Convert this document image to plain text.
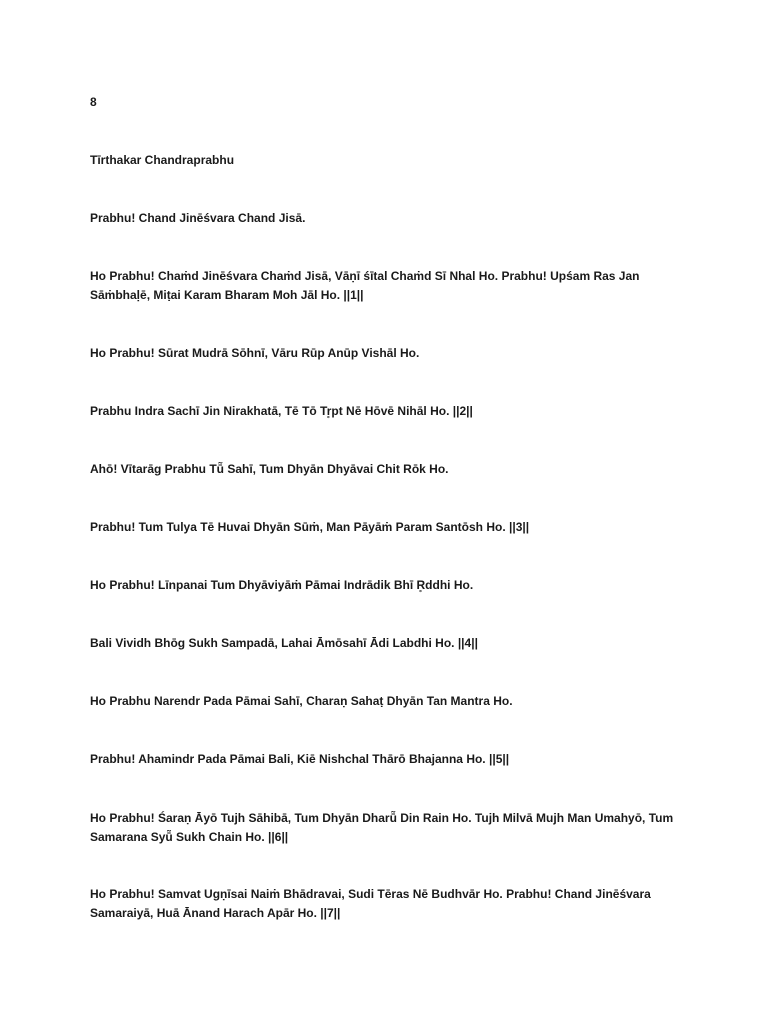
8

Tīrthakar Chandraprabhu

Prabhu! Chand Jinēśvara Chand Jisā.

Ho Prabhu! Chaṁd Jinēśvara Chaṁd Jisā, Vāṇī śītal Chaṁd Sī Nhal Ho. Prabhu! Upśam Ras Jan Sāṁbhaḷē, Miṭai Karam Bharam Moh Jāl Ho. ||1||

Ho Prabhu! Sūrat Mudrā Sōhnī, Vāru Rūp Anūp Vishāl Ho.

Prabhu Indra Sachī Jin Nirakhatā, Tē Tō Tr̥pt Nē Hōvē Nihāl Ho. ||2||

Ahō! Vītarāg Prabhu Tū̃ Sahī, Tum Dhyān Dhyāvai Chit Rōk Ho.

Prabhu! Tum Tulya Tē Huvai Dhyān Sūṁ, Man Pāyāṁ Param Santōsh Ho. ||3||

Ho Prabhu! Līnpanai Tum Dhyāviyāṁ Pāmai Indrādik Bhī R̥ddhi Ho.

Bali Vividh Bhōg Sukh Sampadā, Lahai Āmōsahī Ādi Labdhi Ho. ||4||

Ho Prabhu Narendr Pada Pāmai Sahī, Charaṇ Sahaṭ Dhyān Tan Mantra Ho.

Prabhu! Ahamindr Pada Pāmai Bali, Kiē Nishchal Thārō Bhajanna Ho. ||5||

Ho Prabhu! Śaraṇ Āyō Tujh Sāhibā, Tum Dhyān Dharū̃ Din Rain Ho. Tujh Milvā Mujh Man Umahyō, Tum Samarana Syū̃ Sukh Chain Ho. ||6||

Ho Prabhu! Samvat Ugṇīsai Naiṁ Bhādravai, Sudi Tēras Nē Budhvār Ho. Prabhu! Chand Jinēśvara Samaraiyā, Huā Ānand Harach Apār Ho. ||7||
